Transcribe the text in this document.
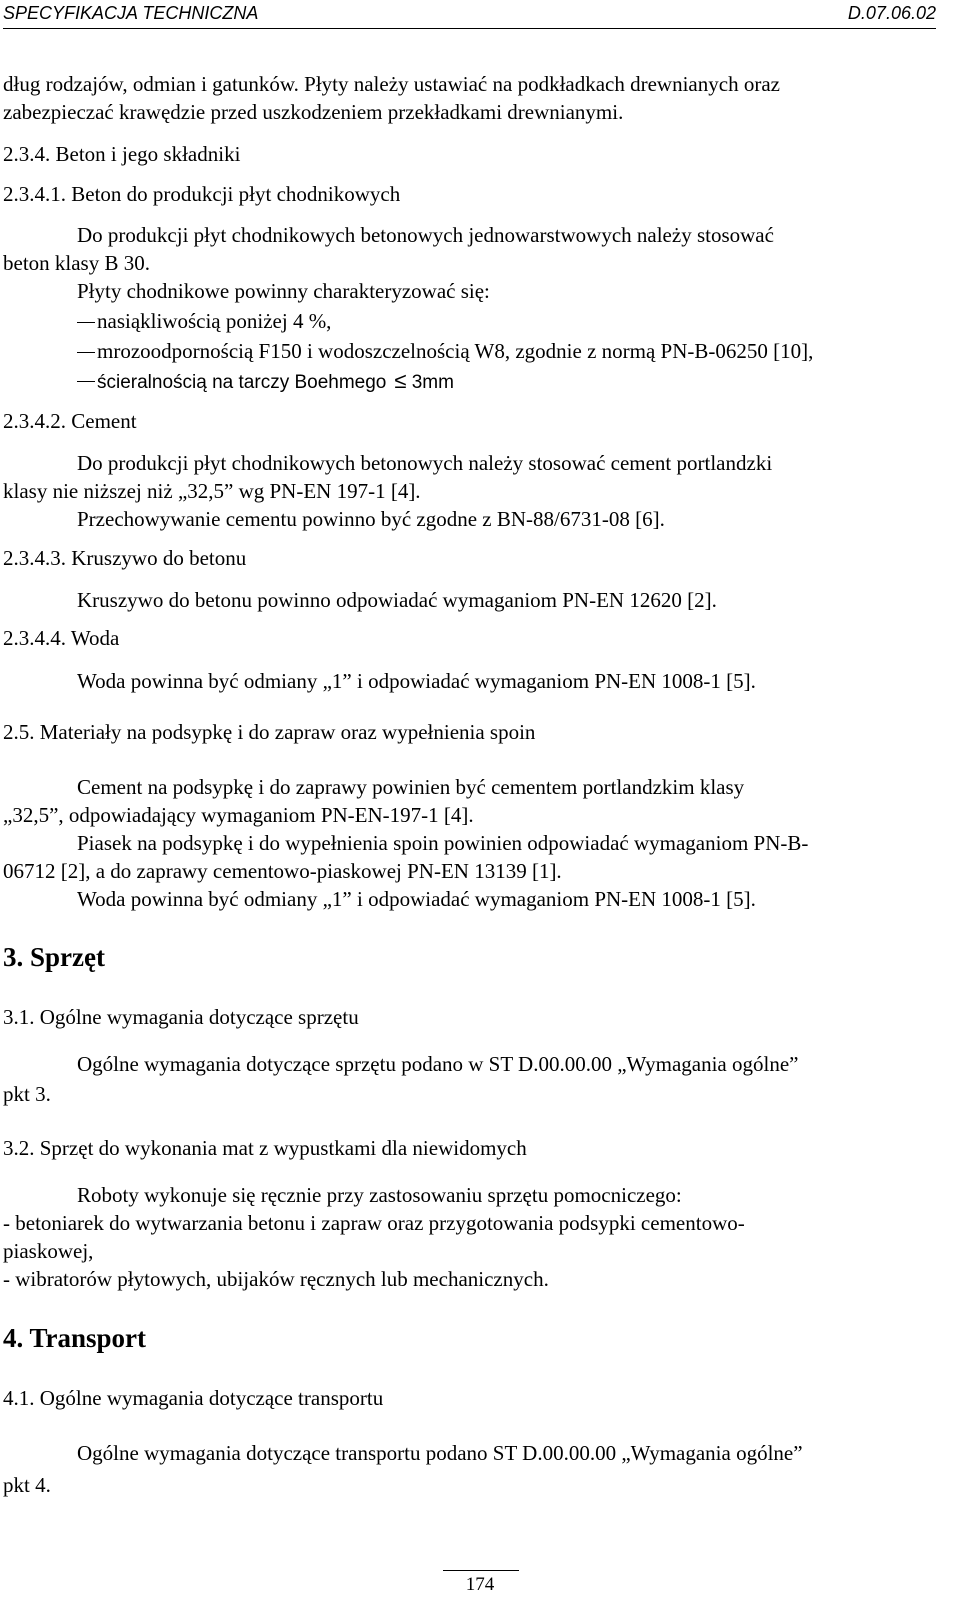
SPECYFIKACJA TECHNICZNA	D.07.06.02
dług rodzajów, odmian i gatunków. Płyty należy ustawiać na podkładkach drewnianych oraz
zabezpieczać krawędzie przed uszkodzeniem przekładkami drewnianymi.
2.3.4. Beton i jego składniki
2.3.4.1. Beton do produkcji płyt chodnikowych
Do produkcji płyt chodnikowych betonowych jednowarstwowych należy stosować
beton klasy B 30.
Płyty chodnikowe powinny charakteryzować się:
nasiąkliwością poniżej 4 %,
mrozoodpornością F150 i wodoszczelnością W8, zgodnie z normą PN-B-06250 [10],
ścieralnością na tarczy Boehmego ≤ 3mm
2.3.4.2. Cement
Do produkcji płyt chodnikowych betonowych należy stosować cement portlandzki
klasy nie niższej niż „32,5” wg PN-EN 197-1 [4].
Przechowywanie cementu powinno być zgodne z BN-88/6731-08 [6].
2.3.4.3. Kruszywo do betonu
Kruszywo do betonu powinno odpowiadać wymaganiom PN-EN 12620 [2].
2.3.4.4. Woda
Woda powinna być odmiany „1” i odpowiadać wymaganiom PN-EN 1008-1 [5].
2.5. Materiały na podsypkę i do zapraw oraz wypełnienia spoin
Cement na podsypkę i do zaprawy powinien być cementem portlandzkim klasy
„32,5”, odpowiadający wymaganiom PN-EN-197-1 [4].
Piasek na podsypkę i do wypełnienia spoin powinien odpowiadać wymaganiom PN-B-
06712 [2], a do zaprawy cementowo-piaskowej PN-EN 13139 [1].
Woda powinna być odmiany „1” i odpowiadać wymaganiom PN-EN 1008-1 [5].
3. Sprzęt
3.1. Ogólne wymagania dotyczące sprzętu
Ogólne wymagania dotyczące sprzętu podano w ST D.00.00.00 „Wymagania ogólne”
pkt 3.
3.2. Sprzęt do wykonania mat z wypustkami dla niewidomych
Roboty wykonuje się ręcznie przy zastosowaniu sprzętu pomocniczego:
- betoniarek do wytwarzania betonu i zapraw oraz przygotowania podsypki cementowo-
piaskowej,
- wibratorów płytowych, ubijaków ręcznych lub mechanicznych.
4. Transport
4.1. Ogólne wymagania dotyczące transportu
Ogólne wymagania dotyczące transportu podano ST D.00.00.00 „Wymagania ogólne”
pkt 4.
174
